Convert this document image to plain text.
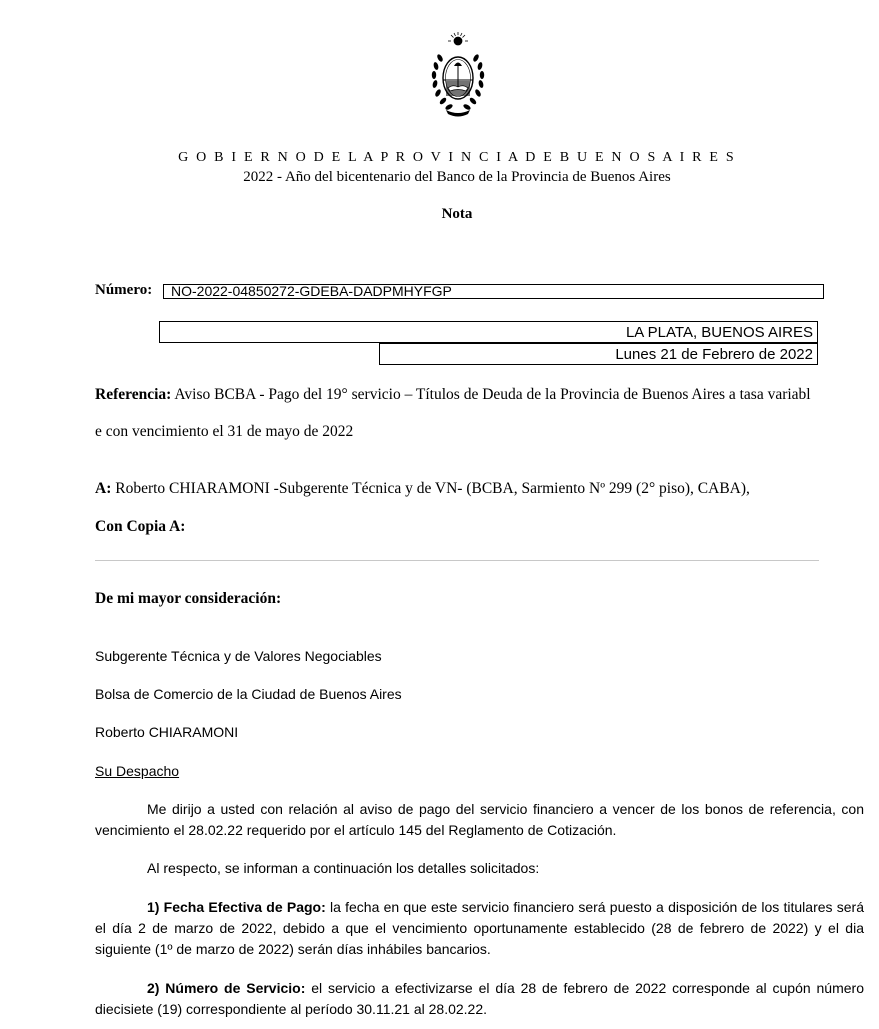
G O B I E R N O D E L A P R O V I N C I A D E B U E N O S A I R E S
2022 - Año del bicentenario del Banco de la Provincia de Buenos Aires
Nota
Número: NO-2022-04850272-GDEBA-DADPMHYFGP
LA PLATA, BUENOS AIRES
Lunes 21 de Febrero de 2022
Referencia: Aviso BCBA - Pago del 19° servicio – Títulos de Deuda de la Provincia de Buenos Aires a tasa variabl
e con vencimiento el 31 de mayo de 2022
A: Roberto CHIARAMONI -Subgerente Técnica y de VN- (BCBA, Sarmiento Nº 299 (2° piso), CABA),
Con Copia A:
De mi mayor consideración:
Subgerente Técnica y de Valores Negociables
Bolsa de Comercio de la Ciudad de Buenos Aires
Roberto CHIARAMONI
Su Despacho
Me dirijo a usted con relación al aviso de pago del servicio financiero a vencer de los bonos de referencia, con vencimiento el 28.02.22 requerido por el artículo 145 del Reglamento de Cotización.
Al respecto, se informan a continuación los detalles solicitados:
1) Fecha Efectiva de Pago: la fecha en que este servicio financiero será puesto a disposición de los titulares será el día 2 de marzo de 2022, debido a que el vencimiento oportunamente establecido (28 de febrero de 2022) y el dia siguiente (1º de marzo de 2022) serán días inhábiles bancarios.
2) Número de Servicio: el servicio a efectivizarse el día 28 de febrero de 2022 corresponde al cupón número diecisiete (19) correspondiente al período 30.11.21 al 28.02.22.
